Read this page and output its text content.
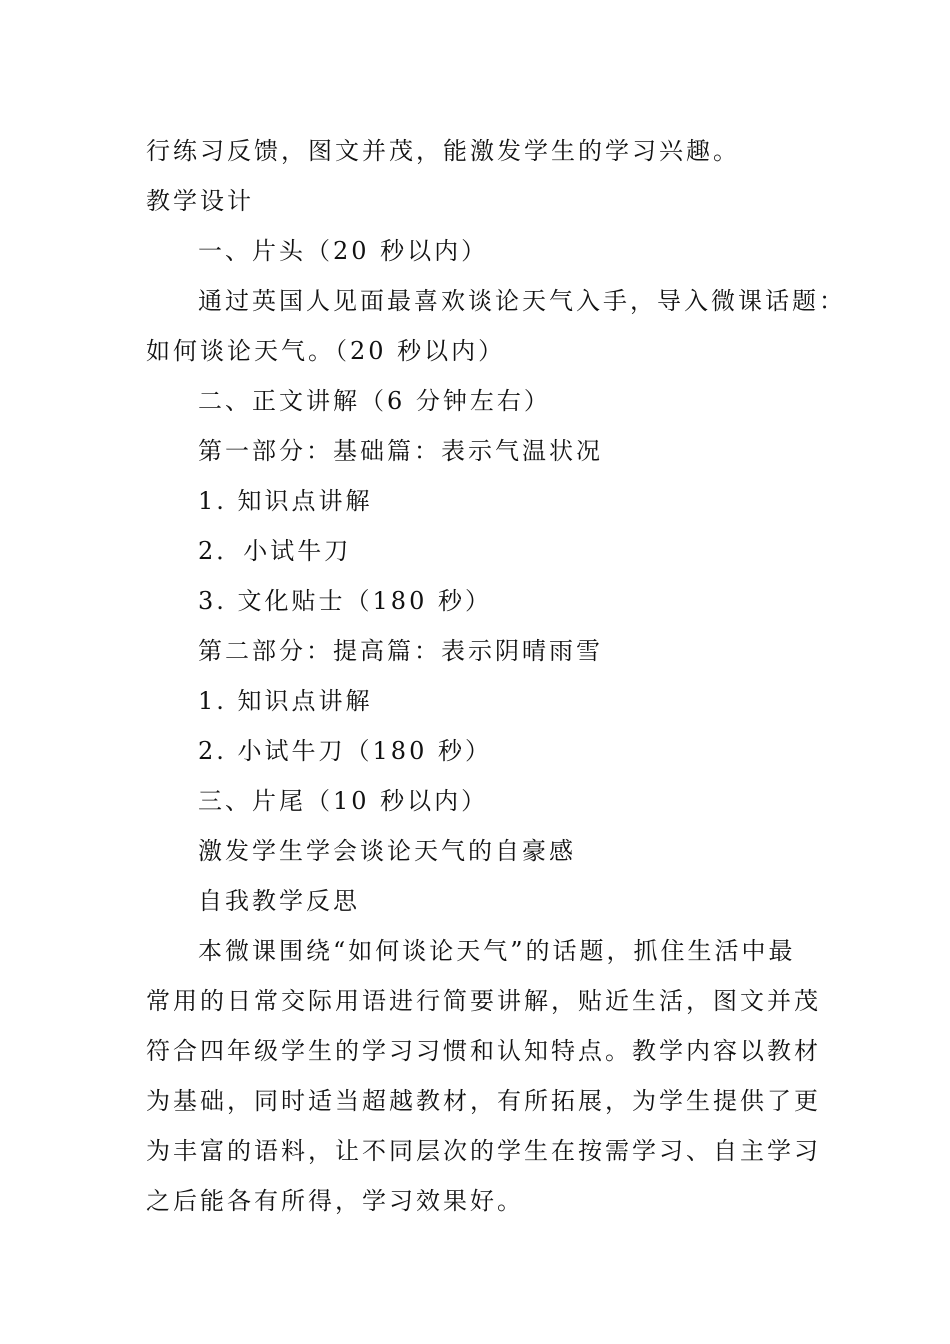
行练习反馈，图文并茂，能激发学生的学习兴趣。
教学设计
一、片头（20 秒以内）
通过英国人见面最喜欢谈论天气入手，导入微课话题：
如何谈论天气。（20 秒以内）
二、正文讲解（6 分钟左右）
第一部分：基础篇：表示气温状况
1. 知识点讲解
2．小试牛刀
3. 文化贴士（180 秒）
第二部分：提高篇：表示阴晴雨雪
1. 知识点讲解
2. 小试牛刀（180 秒）
三、片尾（10 秒以内）
激发学生学会谈论天气的自豪感
自我教学反思
本微课围绕“如何谈论天气”的话题，抓住生活中最
常用的日常交际用语进行简要讲解，贴近生活，图文并茂
符合四年级学生的学习习惯和认知特点。教学内容以教材
为基础，同时适当超越教材，有所拓展，为学生提供了更
为丰富的语料，让不同层次的学生在按需学习、自主学习
之后能各有所得，学习效果好。
